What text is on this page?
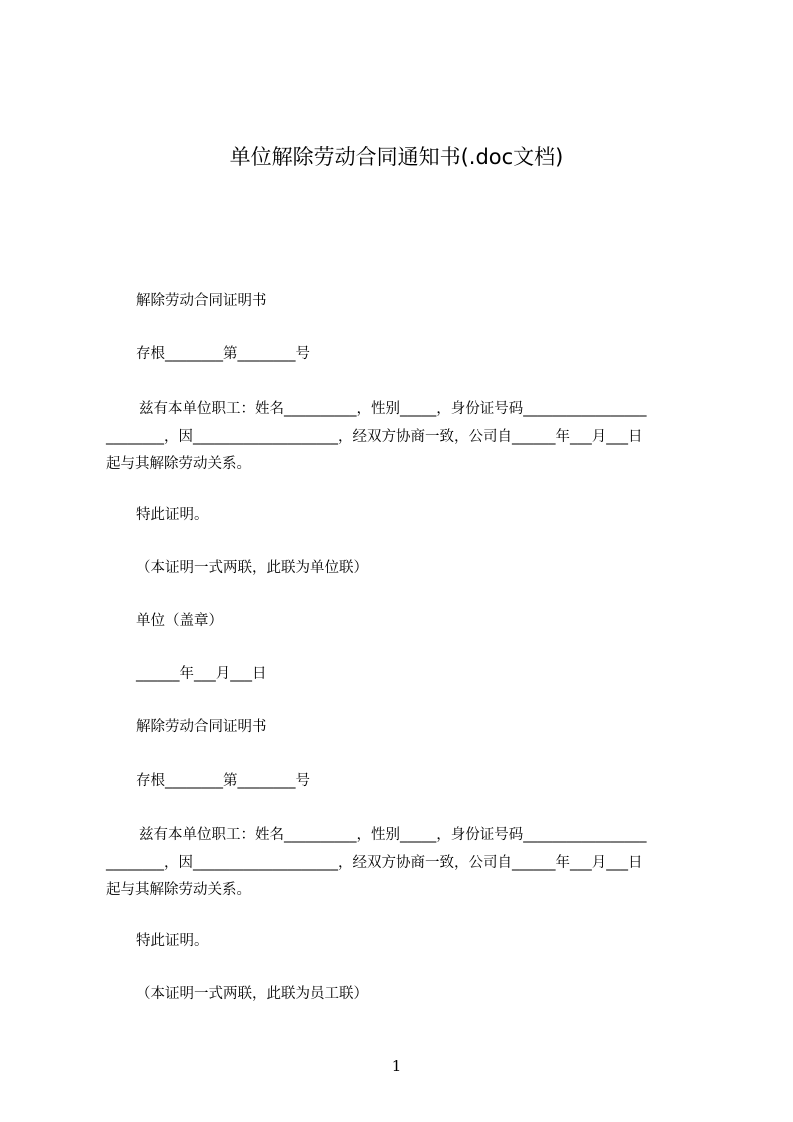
单位解除劳动合同通知书(.doc文档)
解除劳动合同证明书
存根________第________号
兹有本单位职工：姓名__________，性别_____，身份证号码_________________
________，因____________________，经双方协商一致，公司自______年___月___日
起与其解除劳动关系。
特此证明。
（本证明一式两联，此联为单位联）
单位（盖章）
______年___月___日
解除劳动合同证明书
存根________第________号
兹有本单位职工：姓名__________，性别_____，身份证号码_________________
________，因____________________，经双方协商一致，公司自______年___月___日
起与其解除劳动关系。
特此证明。
（本证明一式两联，此联为员工联）
1
